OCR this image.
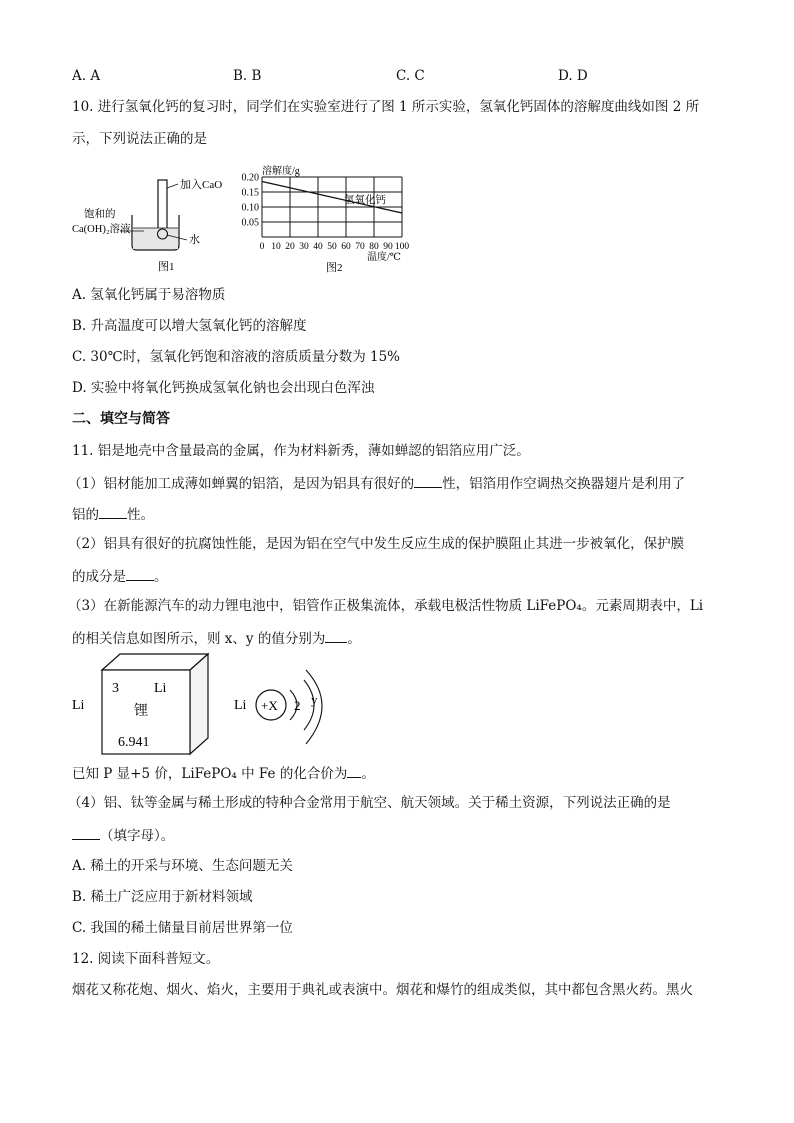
A. A	B. B	C. C	D. D
10. 进行氢氧化钙的复习时，同学们在实验室进行了图 1 所示实验，氢氧化钙固体的溶解度曲线如图 2 所
示，下列说法正确的是
加入CaO
饱和的
Ca(OH)₂溶液
水
图1
0.20
0.15
0.10
0.05
0 10 20 30 40 50 60 70 80 90 100
溶解度/g
温度/℃
氢氧化钙
图2
A. 氢氧化钙属于易溶物质
B. 升高温度可以增大氢氧化钙的溶解度
C. 30℃时，氢氧化钙饱和溶液的溶质质量分数为 15%
D. 实验中将氧化钙换成氢氧化钠也会出现白色浑浊
二、填空与简答
11. 铝是地壳中含量最高的金属，作为材料新秀，薄如蝉認的铝箔应用广泛。
（1）铝材能加工成薄如蝉翼的铝箔，是因为铝具有很好的 性，铝箔用作空调热交换器翅片是利用了
铝的 性。
（2）铝具有很好的抗腐蚀性能，是因为铝在空气中发生反应生成的保护膜阻止其进一步被氧化，保护膜
的成分是 。
（3）在新能源汽车的动力锂电池中，铝管作正极集流体，承载电极活性物质 LiFePO₄。元素周期表中，Li
的相关信息如图所示，则 x、y 的值分别为 。
Li
3	Li
锂
6.941
Li +X 2 y
已知 P 显+5 价，LiFePO₄ 中 Fe 的化合价为 。
（4）铝、钛等金属与稀土形成的特种合金常用于航空、航天领域。关于稀土资源，下列说法正确的是
（填字母）。
A. 稀土的开采与环境、生态问题无关
B. 稀土广泛应用于新材料领域
C. 我国的稀土储量目前居世界第一位
12. 阅读下面科普短文。
烟花又称花炮、烟火、焰火，主要用于典礼或表演中。烟花和爆竹的组成类似，其中都包含黑火药。黑火
